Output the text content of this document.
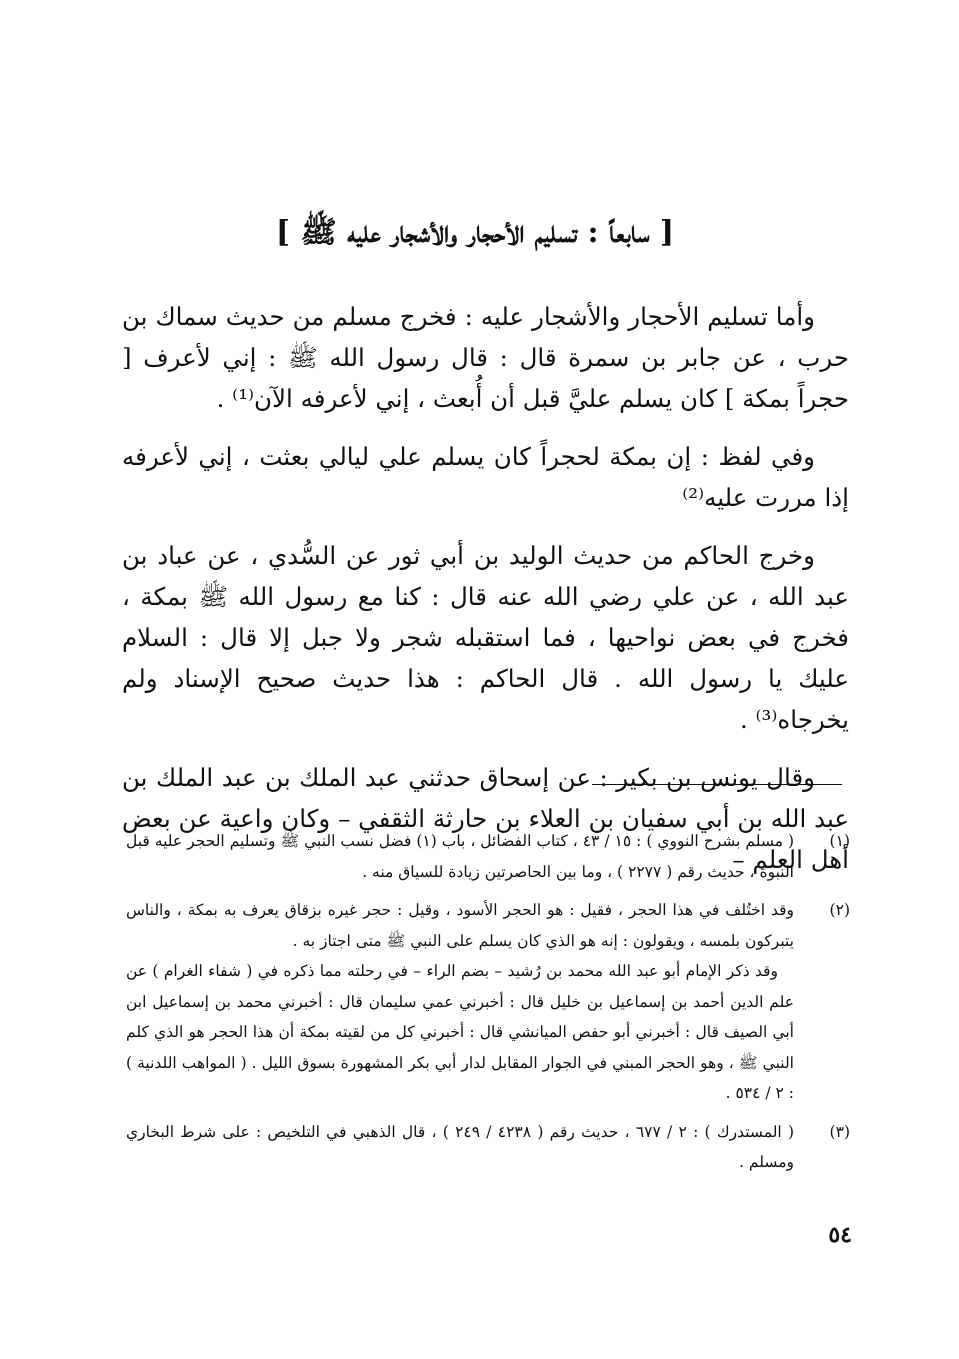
[ سابعاً : تسليم الأحجار والأشجار عليه ﷺ ]

وأما تسليم الأحجار والأشجار عليه : فخرج مسلم من حديث سماك بن حرب ، عن جابر بن سمرة قال : قال رسول الله ﷺ : إني لأعرف [ حجراً بمكة ] كان يسلم عليَّ قبل أن أُبعث ، إني لأعرفه الآن⁽¹⁾ .

وفي لفظ : إن بمكة لحجراً كان يسلم علي ليالي بعثت ، إني لأعرفه إذا مررت عليه⁽²⁾

وخرج الحاكم من حديث الوليد بن أبي ثور عن السُّدي ، عن عباد بن عبد الله ، عن علي رضي الله عنه قال : كنا مع رسول الله ﷺ بمكة ، فخرج في بعض نواحيها ، فما استقبله شجر ولا جبل إلا قال : السلام عليك يا رسول الله . قال الحاكم : هذا حديث صحيح الإسناد ولم يخرجاه⁽³⁾ .

وقال يونس بن بكير : عن إسحاق حدثني عبد الملك بن عبد الملك بن عبد الله بن أبي سفيان بن العلاء بن حارثة الثقفي – وكان واعية عن بعض أهل العلم –

(١)

( مسلم بشرح النووي ) : ١٥ / ٤٣ ، كتاب الفضائل ، باب (١) فضل نسب النبي ﷺ وتسليم الحجر عليه قبل النبوة ، حديث رقم ( ٢٢٧٧ ) ، وما بين الحاصرتين زيادة للسياق منه .

(٢)

وقد اختُلف في هذا الحجر ، فقيل : هو الحجر الأسود ، وقيل : حجر غيره بزقاق يعرف به بمكة ، والناس يتبركون بلمسه ، ويقولون : إنه هو الذي كان يسلم على النبي ﷺ متى اجتاز به .

وقد ذكر الإمام أبو عبد الله محمد بن رُشيد – بضم الراء – في رحلته مما ذكره في ( شفاء الغرام ) عن علم الدين أحمد بن إسماعيل بن خليل قال : أخبرني عمي سليمان قال : أخبرني محمد بن إسماعيل ابن أبي الصيف قال : أخبرني أبو حفص الميانشي قال : أخبرني كل من لقيته بمكة أن هذا الحجر هو الذي كلم النبي ﷺ ، وهو الحجر المبني في الجوار المقابل لدار أبي بكر المشهورة بسوق الليل . ( المواهب اللدنية ) : ٢ / ٥٣٤ .

(٣)

( المستدرك ) : ٢ / ٦٧٧ ، حديث رقم ( ٤٢٣٨ / ٢٤٩ ) ، قال الذهبي في التلخيص : على شرط البخاري ومسلم .

٥٤
